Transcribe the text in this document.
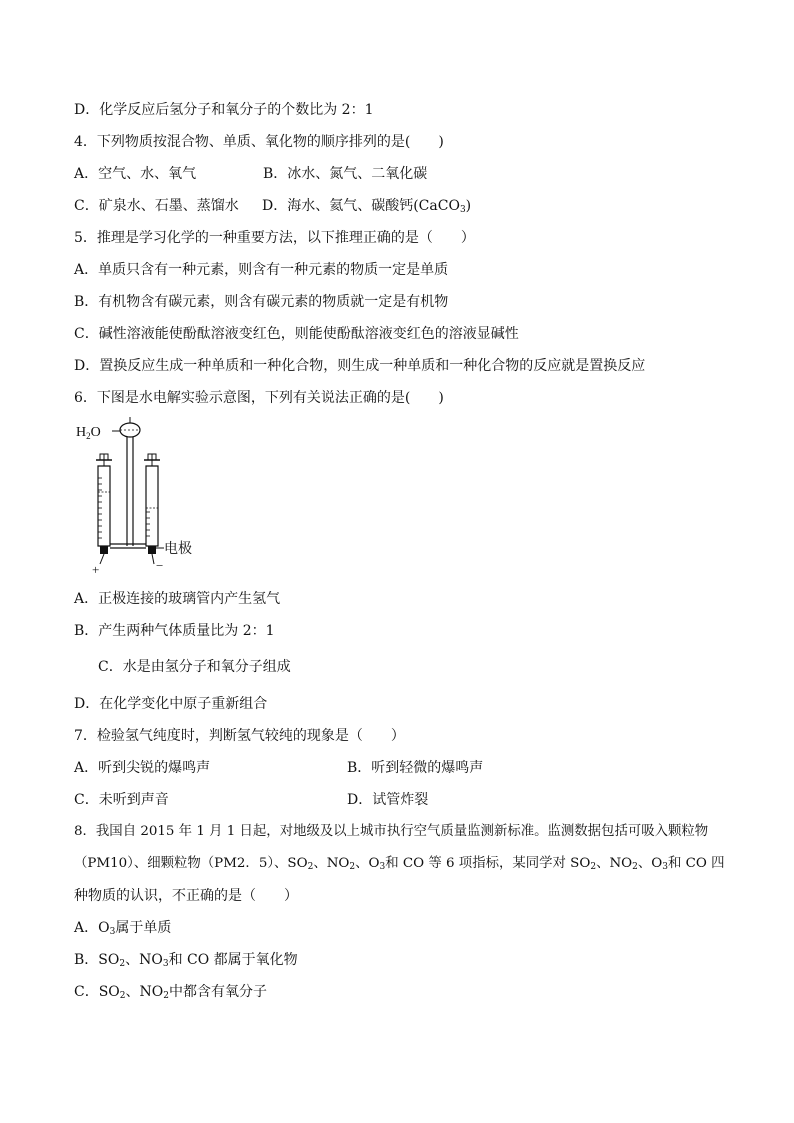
D．化学反应后氢分子和氧分子的个数比为 2：1
4．下列物质按混合物、单质、氧化物的顺序排列的是(　　)
A．空气、水、氧气	B．冰水、氮气、二氧化碳
C．矿泉水、石墨、蒸馏水 D．海水、氦气、碳酸钙(CaCO$_3$)
5．推理是学习化学的一种重要方法，以下推理正确的是（　　）
A．单质只含有一种元素，则含有一种元素的物质一定是单质
B．有机物含有碳元素，则含有碳元素的物质就一定是有机物
C．碱性溶液能使酚酞溶液变红色，则能使酚酞溶液变红色的溶液显碱性
D．置换反应生成一种单质和一种化合物，则生成一种单质和一种化合物的反应就是置换反应
6．下图是水电解实验示意图，下列有关说法正确的是(　　)
$H_2O$
电极
+	−
A．正极连接的玻璃管内产生氢气
B．产生两种气体质量比为 2：1
C．水是由氢分子和氧分子组成
D．在化学变化中原子重新组合
7．检验氢气纯度时，判断氢气较纯的现象是（　　）
A．听到尖锐的爆鸣声	B．听到轻微的爆鸣声
C．未听到声音	D．试管炸裂
8．我国自 2015 年 1 月 1 日起，对地级及以上城市执行空气质量监测新标准。监测数据包括可吸入颗粒物
（PM10）、细颗粒物（PM2．5）、$SO_2$、$NO_2$、$O_3$和 CO 等 6 项指标，某同学对 $SO_2$、$NO_2$、$O_3$和 CO 四
种物质的认识，不正确的是（　　）
A．$O_3$属于单质
B．$SO_2$、$NO_3$和 CO 都属于氧化物
C．$SO_2$、$NO_2$中都含有氧分子
